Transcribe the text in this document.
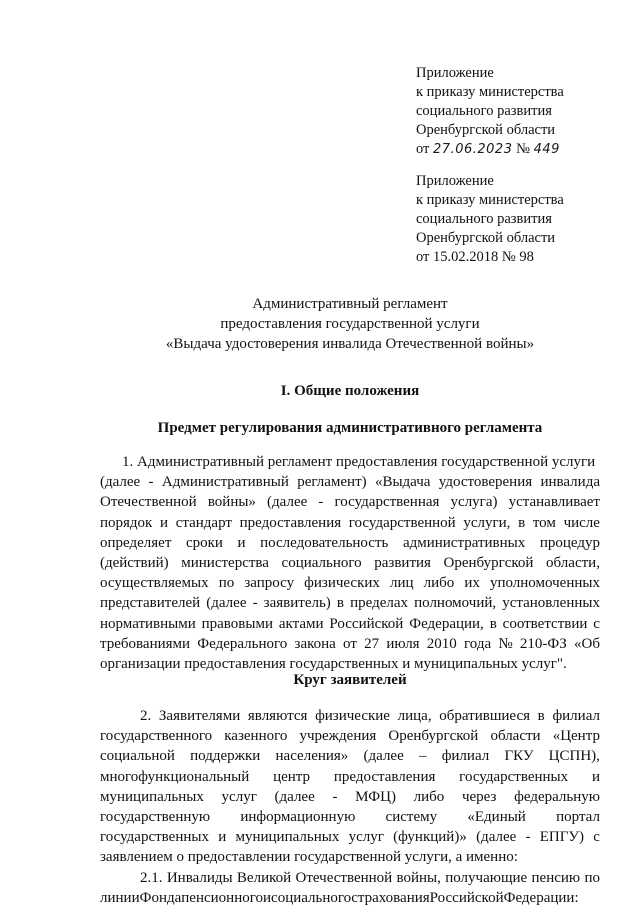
Приложение
к приказу министерства
социального развития
Оренбургской области
от 27.06.2023 № 449
Приложение
к приказу министерства
социального развития
Оренбургской области
от 15.02.2018 № 98
Административный регламент
предоставления государственной услуги
«Выдача удостоверения инвалида Отечественной войны»
I. Общие положения
Предмет регулирования административного регламента
1. Административный регламент предоставления государственной услуги
(далее - Административный регламент) «Выдача удостоверения инвалида
Отечественной войны» (далее - государственная услуга) устанавливает
порядок и стандарт предоставления государственной услуги, в том числе
определяет сроки и последовательность административных процедур
(действий) министерства социального развития Оренбургской области,
осуществляемых по запросу физических лиц либо их уполномоченных
представителей (далее - заявитель) в пределах полномочий, установленных
нормативными правовыми актами Российской Федерации, в соответствии с
требованиями Федерального закона от 27 июля 2010 года № 210-ФЗ «Об
организации предоставления государственных и муниципальных услуг".
Круг заявителей
2. Заявителями являются физические лица, обратившиеся в филиал
государственного казенного учреждения Оренбургской области «Центр
социальной поддержки населения» (далее – филиал ГКУ ЦСПН),
многофункциональный центр предоставления государственных и
муниципальных услуг (далее - МФЦ) либо через федеральную
государственную информационную систему «Единый портал
государственных и муниципальных услуг (функций)» (далее - ЕПГУ) с
заявлением о предоставлении государственной услуги, а именно:
2.1. Инвалиды Великой Отечественной войны, получающие пенсию по
линии Фонда пенсионного и социального страхования Российской Федерации:
